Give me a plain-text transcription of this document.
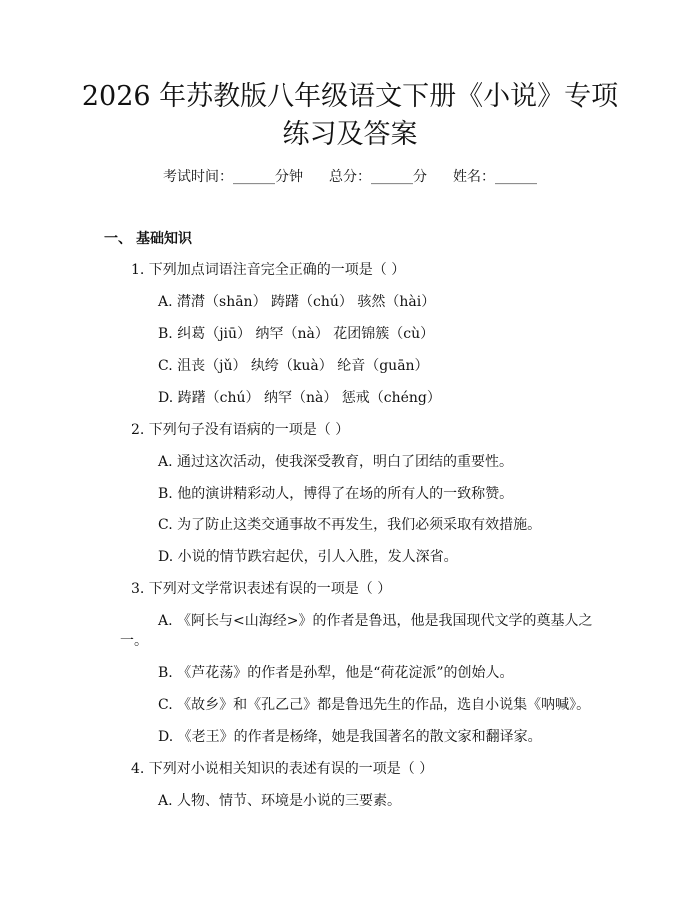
2026 年苏教版八年级语文下册《小说》专项
练习及答案
考试时间：______分钟 总分：______分 姓名：______
一、 基础知识
1. 下列加点词语注音完全正确的一项是（ ）
A. 潸潸（shān） 踌躇（chú） 骇然（hài）
B. 纠葛（jiū） 纳罕（nà） 花团锦簇（cù）
C. 沮丧（jǔ） 纨绔（kuà） 纶音（guān）
D. 踌躇（chú） 纳罕（nà） 惩戒（chéng）
2. 下列句子没有语病的一项是（ ）
A. 通过这次活动，使我深受教育，明白了团结的重要性。
B. 他的演讲精彩动人，博得了在场的所有人的一致称赞。
C. 为了防止这类交通事故不再发生，我们必须采取有效措施。
D. 小说的情节跌宕起伏，引人入胜，发人深省。
3. 下列对文学常识表述有误的一项是（ ）
A. 《阿长与<山海经>》的作者是鲁迅，他是我国现代文学的奠基人之一。
B. 《芦花荡》的作者是孙犁，他是“荷花淀派”的创始人。
C. 《故乡》和《孔乙己》都是鲁迅先生的作品，选自小说集《呐喊》。
D. 《老王》的作者是杨绛，她是我国著名的散文家和翻译家。
4. 下列对小说相关知识的表述有误的一项是（ ）
A. 人物、情节、环境是小说的三要素。
